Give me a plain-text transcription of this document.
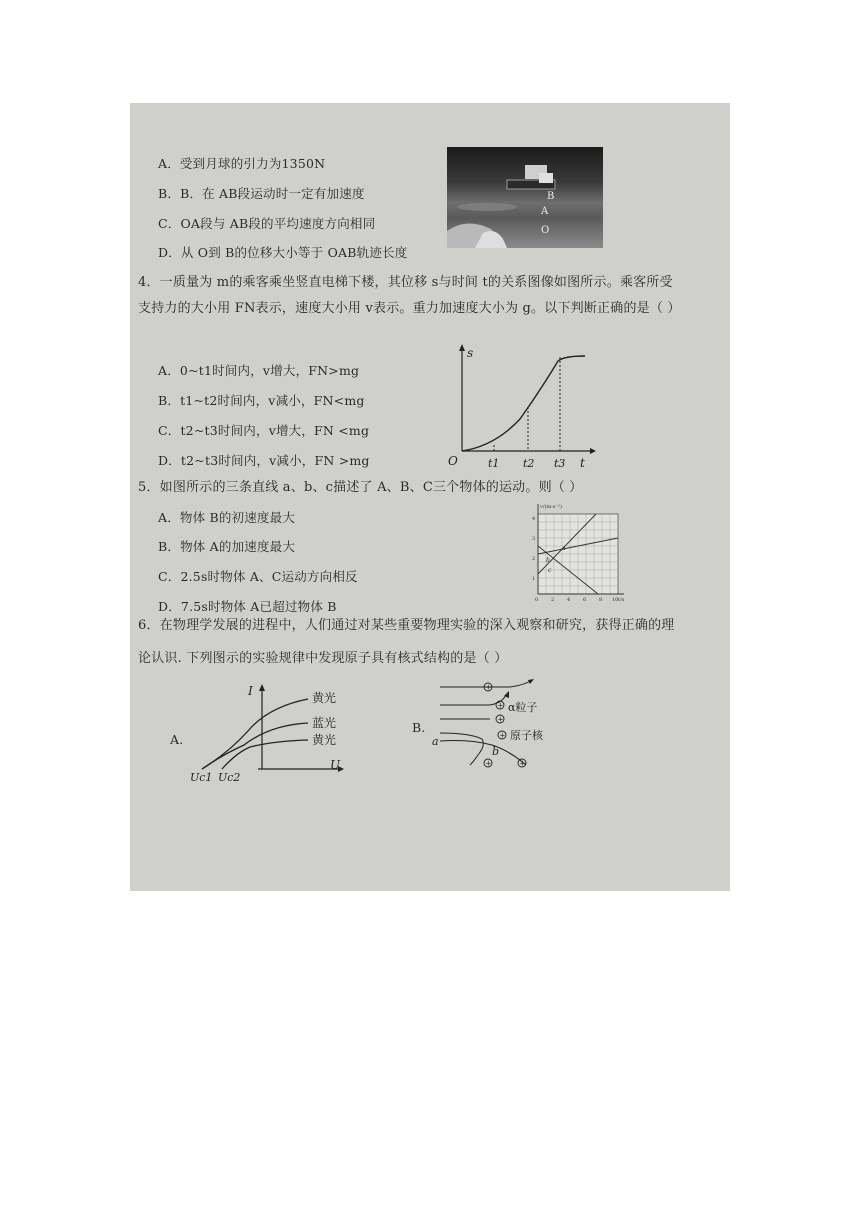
A．受到月球的引力为1350N
B．B．在 AB段运动时一定有加速度
C．OA段与 AB段的平均速度方向相同
D．从 O到 B的位移大小等于 OAB轨迹长度
B
A
O
4．一质量为 m的乘客乘坐竖直电梯下楼，其位移 s与时间 t的关系图像如图所示。乘客所受
支持力的大小用 FN表示，速度大小用 v表示。重力加速度大小为 g。以下判断正确的是（ ）
A．0~t1时间内，v增大，FN>mg
B．t1~t2时间内，v减小，FN<mg
C．t2~t3时间内，v增大，FN <mg
D．t2~t3时间内，v减小，FN >mg
s
O	t1 t2 t3 t
5．如图所示的三条直线 a、b、c描述了 A、B、C三个物体的运动。则（ ）
A．物体 B的初速度最大
B．物体 A的加速度最大
C．2.5s时物体 A、C运动方向相反
D．7.5s时物体 A已超过物体 B
v/(m·s⁻¹)
1
2
3
4
0	2	4	6	8 10 t/s
a
b
c
6．在物理学发展的进程中，人们通过对某些重要物理实验的深入观察和研究，获得正确的理
论认识. 下列图示的实验规律中发现原子具有核式结构的是（ ）
A.
I	黄光
蓝光
黄光
U
Uc1 Uc2
B.
+
+
+
+
+	+
α粒子
原子核
a
b
